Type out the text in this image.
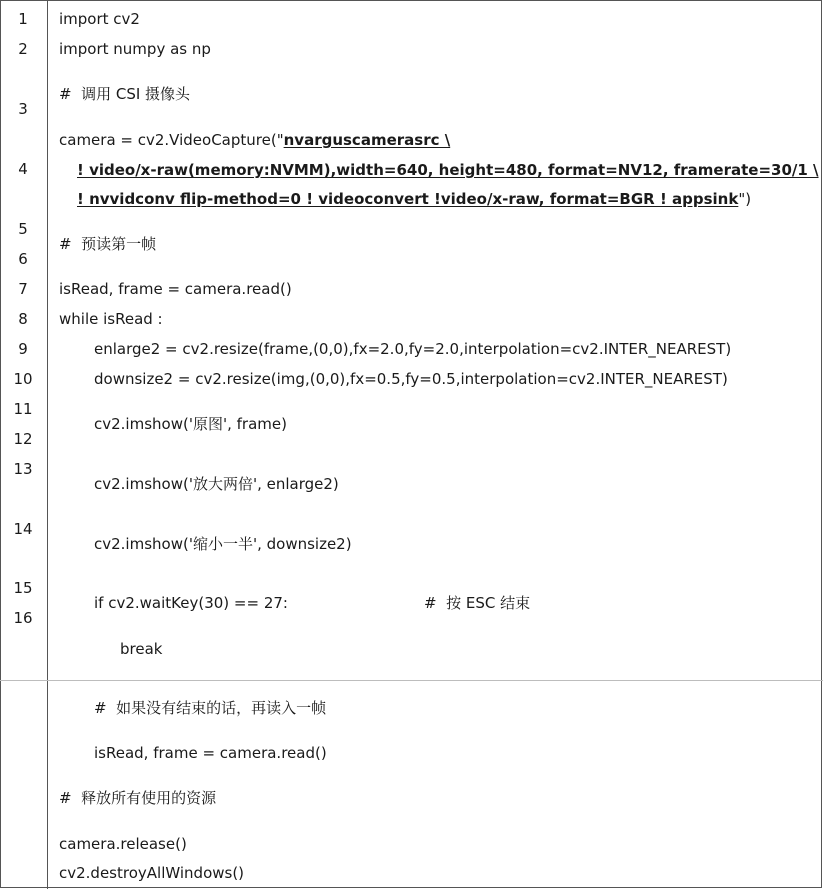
1
2
3
4
5
6
7
8
9
10
11
12
13
14
15
16
import cv2
import numpy as np
#  调用 CSI 摄像头
camera = cv2.VideoCapture("nvarguscamerasrc \
! video/x-raw(memory:NVMM),width=640, height=480, format=NV12, framerate=30/1 \
! nvvidconv flip-method=0 ! videoconvert !video/x-raw, format=BGR ! appsink")
#  预读第一帧
isRead, frame = camera.read()
while isRead :
enlarge2 = cv2.resize(frame,(0,0),fx=2.0,fy=2.0,interpolation=cv2.INTER_NEAREST)
downsize2 = cv2.resize(img,(0,0),fx=0.5,fy=0.5,interpolation=cv2.INTER_NEAREST)
cv2.imshow('原图', frame)
cv2.imshow('放大两倍', enlarge2)
cv2.imshow('缩小一半', downsize2)
if cv2.waitKey(30) == 27:	#  按 ESC 结束
break
#  如果没有结束的话，再读入一帧
isRead, frame = camera.read()
#  释放所有使用的资源
camera.release()
cv2.destroyAllWindows()
